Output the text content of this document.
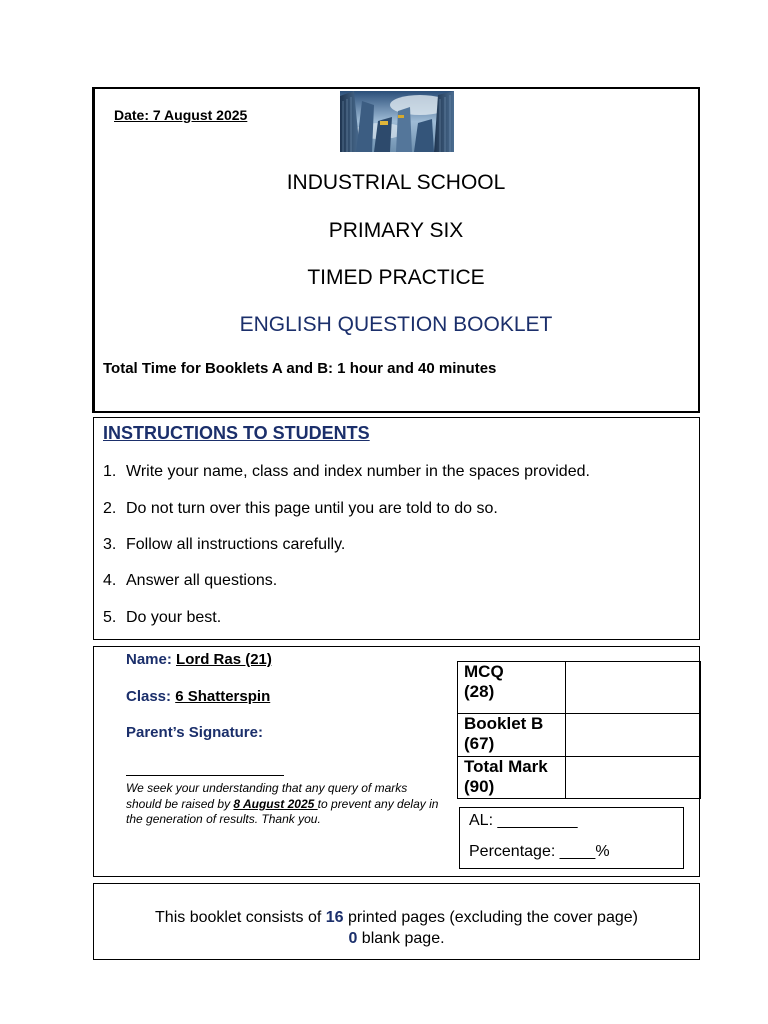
Date: 7 August 2025
INDUSTRIAL SCHOOL
PRIMARY SIX
TIMED PRACTICE
ENGLISH QUESTION BOOKLET
Total Time for Booklets A and B: 1 hour and 40 minutes
INSTRUCTIONS TO STUDENTS
1. Write your name, class and index number in the spaces provided.
2. Do not turn over this page until you are told to do so.
3. Follow all instructions carefully.
4. Answer all questions.
5. Do your best.
Name: Lord Ras (21)
Class: 6 Shatterspin
Parent’s Signature:
We seek your understanding that any query of marks should be raised by 8 August 2025 to prevent any delay in the generation of results. Thank you.
MCQ
(28)	
Booklet B
(67)	
Total Mark
(90)	
AL: _________
Percentage: ____%
This booklet consists of 16 printed pages (excluding the cover page)
0 blank page.
